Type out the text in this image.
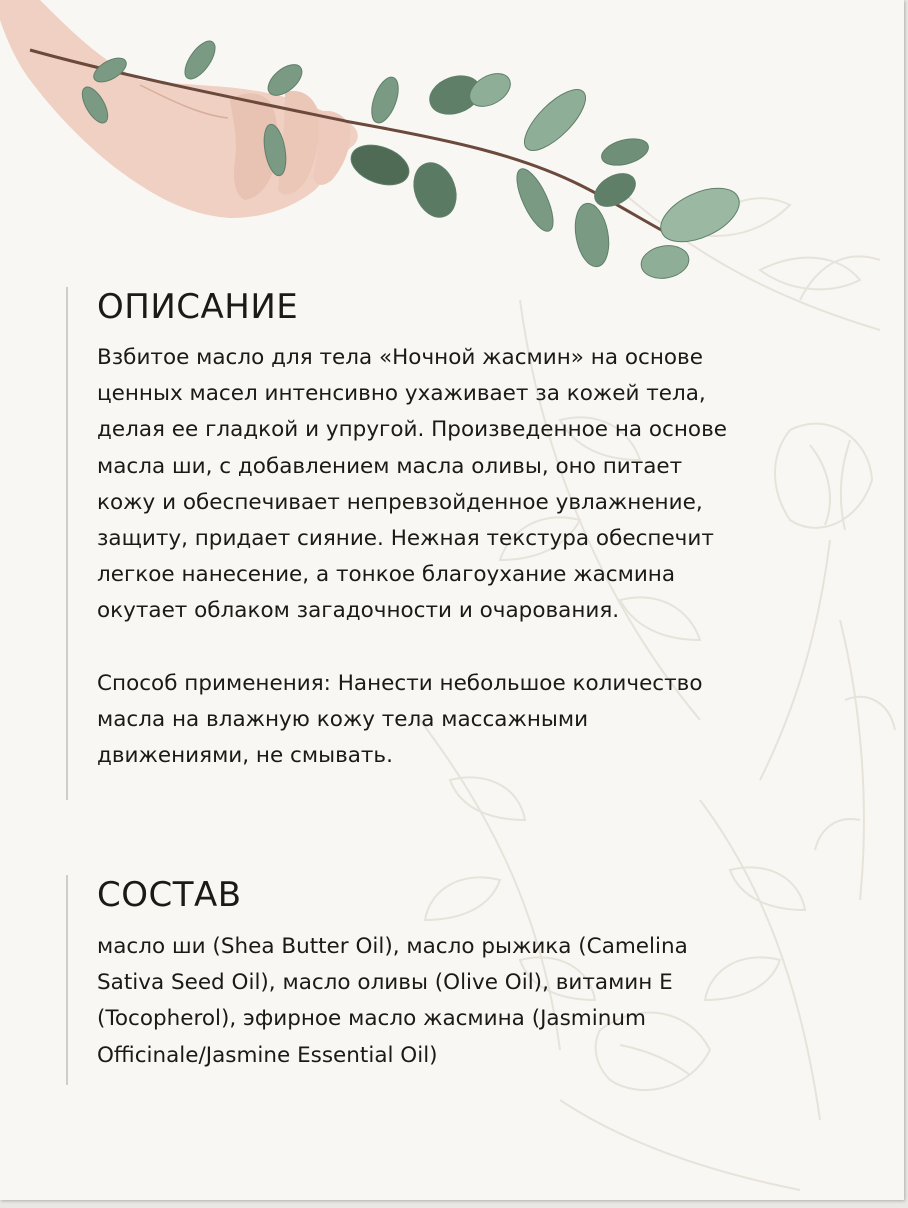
ОПИСАНИЕ

Взбитое масло для тела «Ночной жасмин» на основе
ценных масел интенсивно ухаживает за кожей тела,
делая ее гладкой и упругой. Произведенное на основе
масла ши, с добавлением масла оливы, оно питает
кожу и обеспечивает непревзойденное увлажнение,
защиту, придает сияние. Нежная текстура обеспечит
легкое нанесение, а тонкое благоухание жасмина
окутает облаком загадочности и очарования.

Способ применения: Нанести небольшое количество
масла на влажную кожу тела массажными
движениями, не смывать.

СОСТАВ

масло ши (Shea Butter Oil), масло рыжика (Camelina
Sativa Seed Oil), масло оливы (Olive Oil), витамин Е
(Tocopherol), эфирное масло жасмина (Jasminum
Officinale/Jasmine Essential Oil)
